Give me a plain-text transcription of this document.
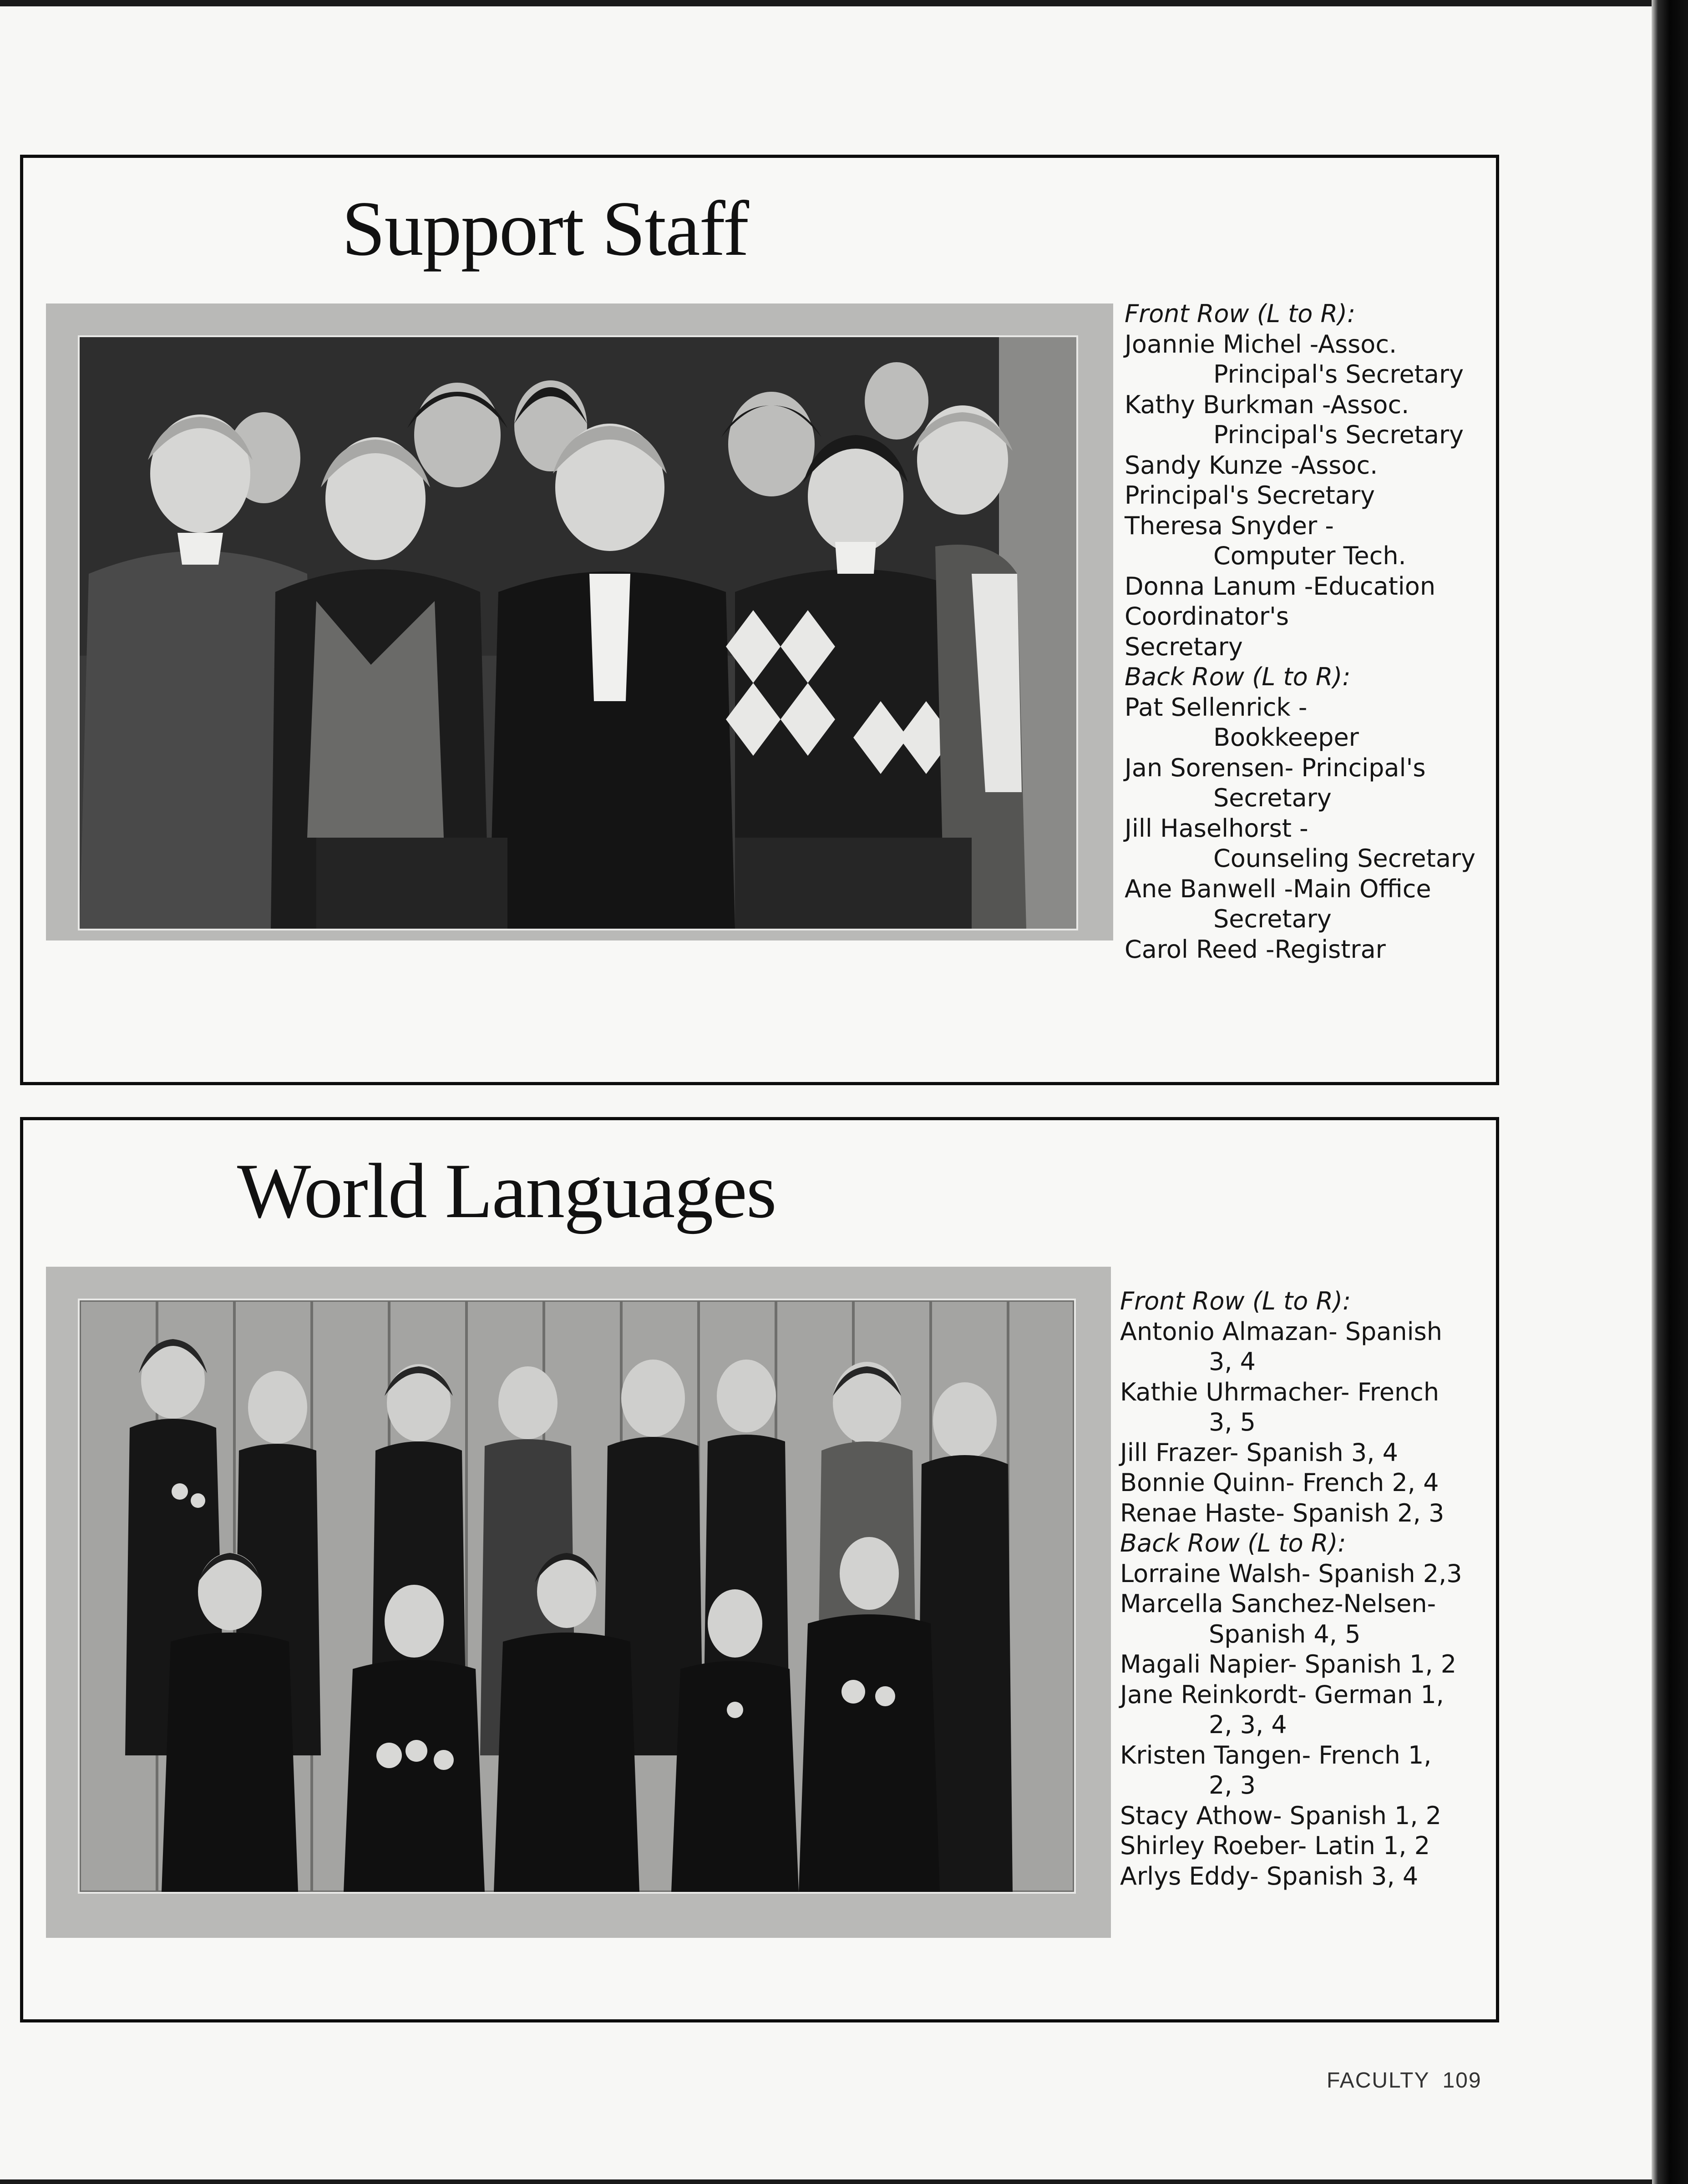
Support Staff
Front Row (L to R):
Joannie Michel -Assoc.
Principal's Secretary
Kathy Burkman -Assoc.
Principal's Secretary
Sandy Kunze -Assoc.
Principal's Secretary
Theresa Snyder -
Computer Tech.
Donna Lanum -Education
Coordinator's
Secretary
Back Row (L to R):
Pat Sellenrick -
Bookkeeper
Jan Sorensen- Principal's
Secretary
Jill Haselhorst -
Counseling Secretary
Ane Banwell -Main Office
Secretary
Carol Reed -Registrar
World Languages
Front Row (L to R):
Antonio Almazan- Spanish
3, 4
Kathie Uhrmacher- French
3, 5
Jill Frazer- Spanish 3, 4
Bonnie Quinn- French 2, 4
Renae Haste- Spanish 2, 3
Back Row (L to R):
Lorraine Walsh- Spanish 2,3
Marcella Sanchez-Nelsen-
Spanish 4, 5
Magali Napier- Spanish 1, 2
Jane Reinkordt- German 1,
2, 3, 4
Kristen Tangen- French 1,
2, 3
Stacy Athow- Spanish 1, 2
Shirley Roeber- Latin 1, 2
Arlys Eddy- Spanish 3, 4
FACULTY 109
